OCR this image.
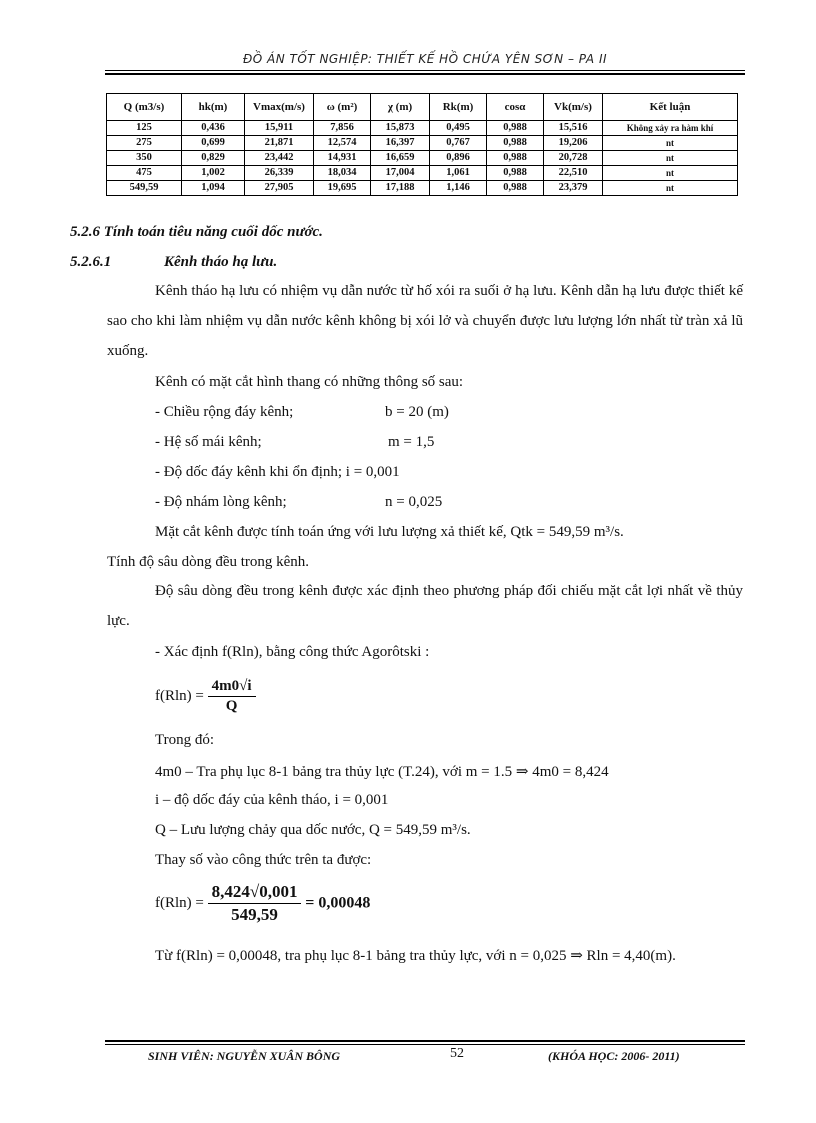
ĐỒ ÁN TỐT NGHIỆP: THIẾT KẾ HỒ CHỨA YÊN SƠN – PA II
Q (m3/s)	hk(m)	Vmax(m/s)	ω (m²)	χ (m)	Rk(m)	cosα	Vk(m/s)	Kết luận
125	0,436	15,911	7,856	15,873	0,495	0,988	15,516	Không xảy ra hàm khí
275	0,699	21,871	12,574	16,397	0,767	0,988	19,206	nt
350	0,829	23,442	14,931	16,659	0,896	0,988	20,728	nt
475	1,002	26,339	18,034	17,004	1,061	0,988	22,510	nt
549,59	1,094	27,905	19,695	17,188	1,146	0,988	23,379	nt
5.2.6 Tính toán tiêu năng cuối dốc nước.
5.2.6.1	Kênh tháo hạ lưu.
Kênh tháo hạ lưu có nhiệm vụ dẫn nước từ hố xói ra suối ở hạ lưu. Kênh dẫn hạ lưu được thiết kế sao cho khi làm nhiệm vụ dẫn nước kênh không bị xói lở và chuyển được lưu lượng lớn nhất từ tràn xả lũ xuống.
Kênh có mặt cắt hình thang có những thông số sau:
- Chiều rộng đáy kênh;	b = 20 (m)
- Hệ số mái kênh;	m = 1,5
- Độ dốc đáy kênh khi ổn định; i = 0,001
- Độ nhám lòng kênh;	n = 0,025
Mặt cắt kênh được tính toán ứng với lưu lượng xả thiết kế, Qtk = 549,59 m³/s.
Tính độ sâu dòng đều trong kênh.
Độ sâu dòng đều trong kênh được xác định theo phương pháp đối chiếu mặt cắt lợi nhất về thủy lực.
- Xác định f(Rln), bằng công thức Agorôtski :
$f(Rln) = \frac{4m0√i}{Q}$
Trong đó:
4m0 – Tra phụ lục 8-1 bảng tra thủy lực (T.24), với m = 1.5 ⇒ 4m0 = 8,424
i – độ dốc đáy của kênh tháo, i = 0,001
Q – Lưu lượng chảy qua dốc nước, Q = 549,59 m³/s.
Thay số vào công thức trên ta được:
$f(Rln) = \frac{8,424√0,001}{549,59} = 0,00048$
Từ f(Rln) = 0,00048, tra phụ lục 8-1 bảng tra thủy lực, với n = 0,025 ⇒ Rln = 4,40(m).
SINH VIÊN: NGUYỄN XUÂN BÔNG	52	(KHÓA HỌC: 2006- 2011)
